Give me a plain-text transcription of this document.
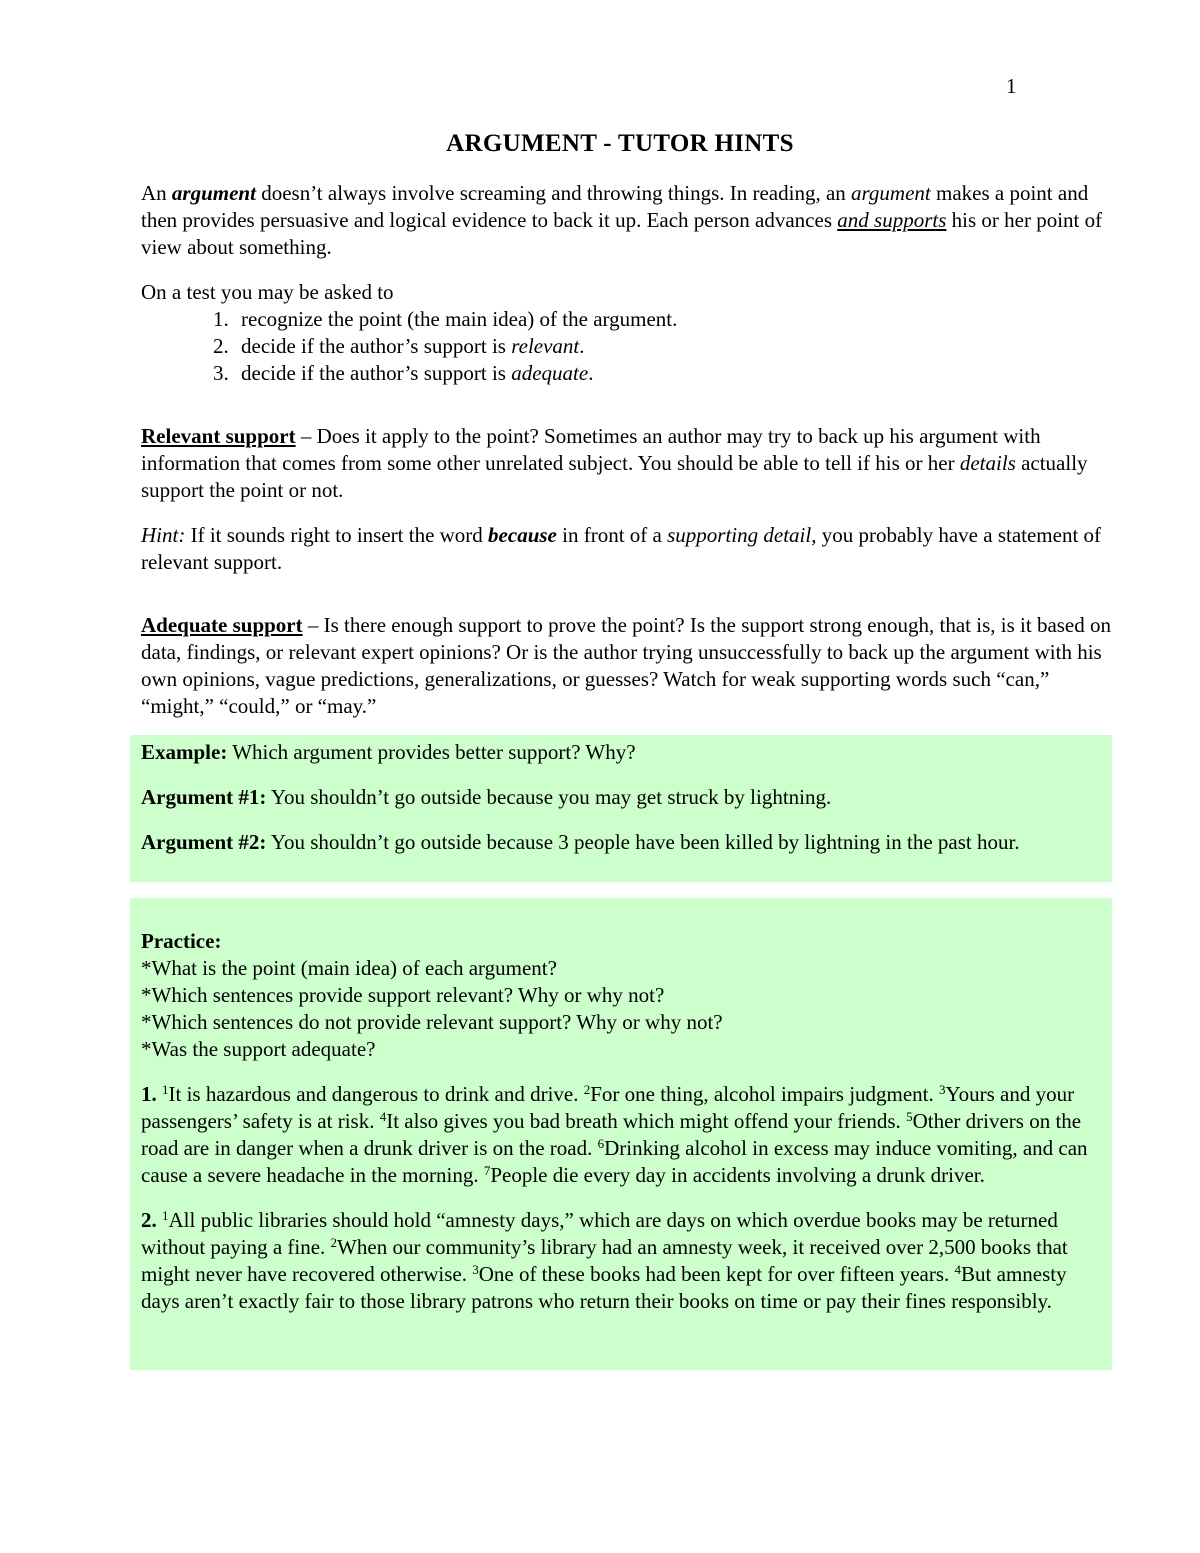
1
ARGUMENT - TUTOR HINTS

An argument doesn’t always involve screaming and throwing things. In reading, an argument makes a point and then provides persuasive and logical evidence to back it up. Each person advances and supports his or her point of view about something.

On a test you may be asked to
1. recognize the point (the main idea) of the argument.
2. decide if the author’s support is relevant.
3. decide if the author’s support is adequate.

Relevant support – Does it apply to the point? Sometimes an author may try to back up his argument with information that comes from some other unrelated subject. You should be able to tell if his or her details actually support the point or not.

Hint: If it sounds right to insert the word because in front of a supporting detail, you probably have a statement of relevant support.

Adequate support – Is there enough support to prove the point? Is the support strong enough, that is, is it based on data, findings, or relevant expert opinions? Or is the author trying unsuccessfully to back up the argument with his own opinions, vague predictions, generalizations, or guesses? Watch for weak supporting words such “can,” “might,” “could,” or “may.”

Example: Which argument provides better support? Why?

Argument #1: You shouldn’t go outside because you may get struck by lightning.

Argument #2: You shouldn’t go outside because 3 people have been killed by lightning in the past hour.

Practice:

*What is the point (main idea) of each argument?

*Which sentences provide support relevant? Why or why not?

*Which sentences do not provide relevant support? Why or why not?

*Was the support adequate?

1. $^1$It is hazardous and dangerous to drink and drive. $^2$For one thing, alcohol impairs judgment. $^3$Yours and your passengers’ safety is at risk. $^4$It also gives you bad breath which might offend your friends. $^5$Other drivers on the road are in danger when a drunk driver is on the road. $^6$Drinking alcohol in excess may induce vomiting, and can cause a severe headache in the morning. $^7$People die every day in accidents involving a drunk driver.

2. $^1$All public libraries should hold “amnesty days,” which are days on which overdue books may be returned without paying a fine. $^2$When our community’s library had an amnesty week, it received over 2,500 books that might never have recovered otherwise. $^3$One of these books had been kept for over fifteen years. $^4$But amnesty days aren’t exactly fair to those library patrons who return their books on time or pay their fines responsibly.
